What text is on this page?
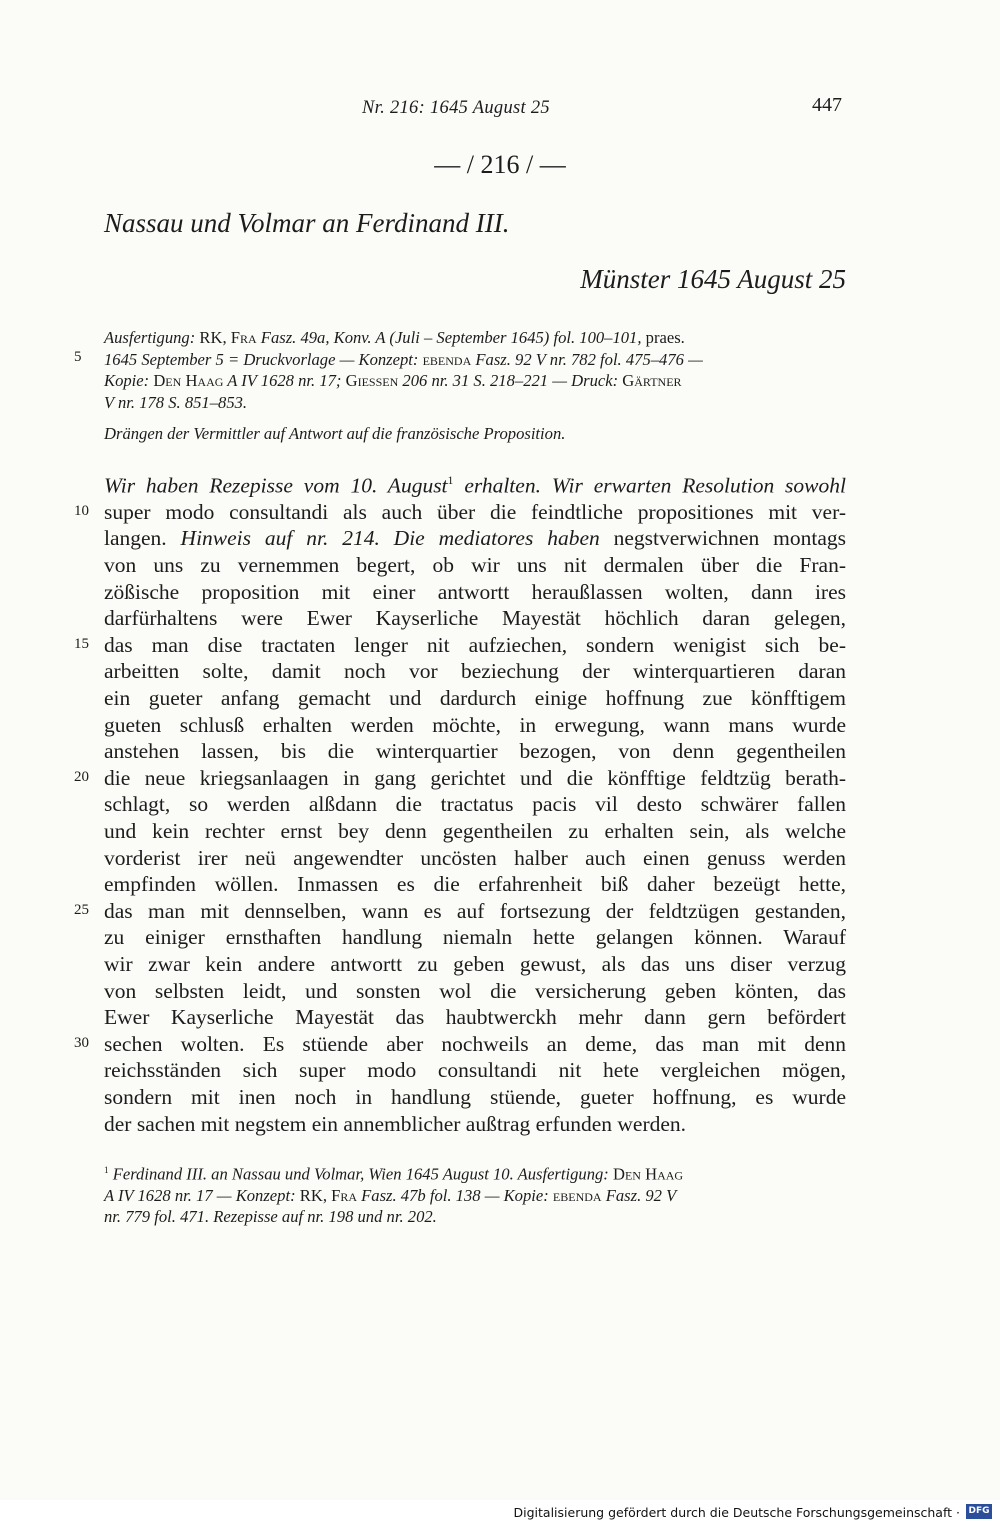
Nr. 216: 1645 August 25	447
— / 216 / —
Nassau und Volmar an Ferdinand III.
Münster 1645 August 25
5
Ausfertigung: RK, Fra Fasz. 49a, Konv. A (Juli – September 1645) fol. 100–101, praes.
1645 September 5 = Druckvorlage — Konzept: ebenda Fasz. 92 V nr. 782 fol. 475–476 —
Kopie: Den Haag A IV 1628 nr. 17; Giessen 206 nr. 31 S. 218–221 — Druck: Gärtner
V nr. 178 S. 851–853.
Drängen der Vermittler auf Antwort auf die französische Proposition.
10
15
20
25
30
Wir haben Rezepisse vom 10. August$^1$ erhalten. Wir erwarten Resolution sowohl
super modo consultandi als auch über die feindtliche propositiones mit ver-
langen. Hinweis auf nr. 214. Die mediatores haben negstverwichnen montags
von uns zu vernemmen begert, ob wir uns nit dermalen über die Fran-
zößische proposition mit einer antwortt heraußlassen wolten, dann ires
darfürhaltens were Ewer Kayserliche Mayestät höchlich daran gelegen,
das man dise tractaten lenger nit aufziechen, sondern wenigist sich be-
arbeitten solte, damit noch vor beziechung der winterquartieren daran
ein gueter anfang gemacht und dardurch einige hoffnung zue könfftigem
gueten schlusß erhalten werden möchte, in erwegung, wann mans wurde
anstehen lassen, bis die winterquartier bezogen, von denn gegentheilen
die neue kriegsanlaagen in gang gerichtet und die könfftige feldtzüg berath-
schlagt, so werden alßdann die tractatus pacis vil desto schwärer fallen
und kein rechter ernst bey denn gegentheilen zu erhalten sein, als welche
vorderist irer neü angewendter uncösten halber auch einen genuss werden
empfinden wöllen. Inmassen es die erfahrenheit biß daher bezeügt hette,
das man mit dennselben, wann es auf fortsezung der feldtzügen gestanden,
zu einiger ernsthaften handlung niemaln hette gelangen können. Warauf
wir zwar kein andere antwortt zu geben gewust, als das uns diser verzug
von selbsten leidt, und sonsten wol die versicherung geben könten, das
Ewer Kayserliche Mayestät das haubtwerckh mehr dann gern befördert
sechen wolten. Es stüende aber nochweils an deme, das man mit denn
reichsständen sich super modo consultandi nit hete vergleichen mögen,
sondern mit inen noch in handlung stüende, gueter hoffnung, es wurde
der sachen mit negstem ein annemblicher außtrag erfunden werden.
$^1$ Ferdinand III. an Nassau und Volmar, Wien 1645 August 10. Ausfertigung: Den Haag
A IV 1628 nr. 17 — Konzept: RK, Fra Fasz. 47b fol. 138 — Kopie: ebenda Fasz. 92 V
nr. 779 fol. 471. Rezepisse auf nr. 198 und nr. 202.
Digitalisierung gefördert durch die Deutsche Forschungsgemeinschaft · DFG
